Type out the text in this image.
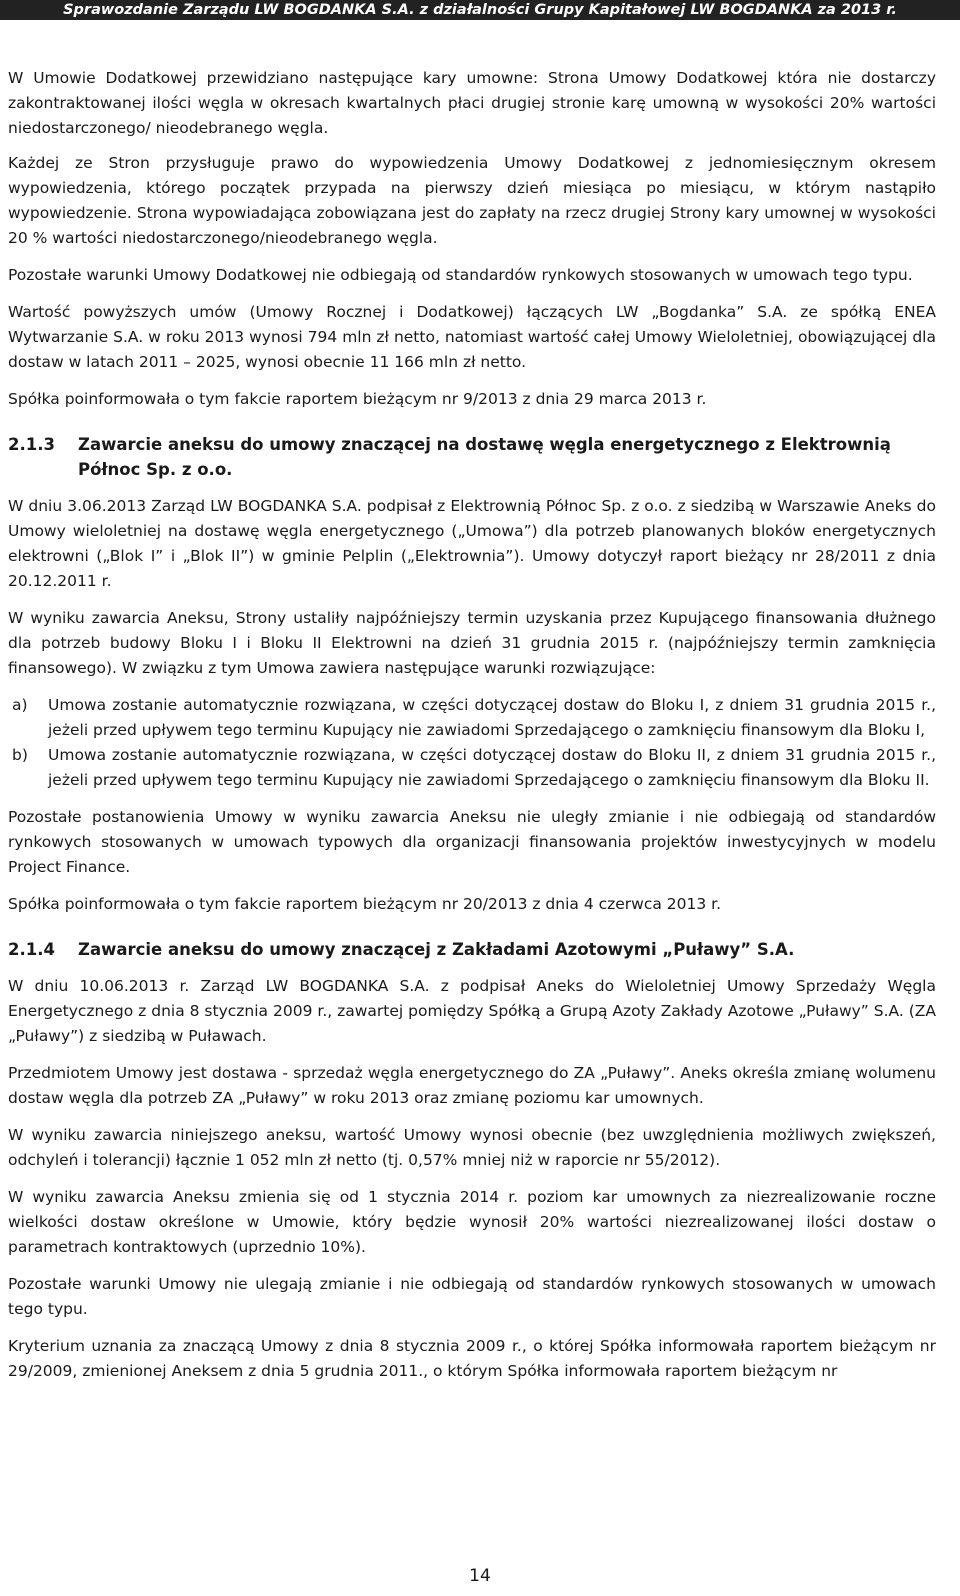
Sprawozdanie Zarządu LW BOGDANKA S.A. z działalności Grupy Kapitałowej LW BOGDANKA za 2013 r.

W Umowie Dodatkowej przewidziano następujące kary umowne: Strona Umowy Dodatkowej która nie dostarczy zakontraktowanej ilości węgla w okresach kwartalnych płaci drugiej stronie karę umowną w wysokości 20% wartości niedostarczonego/ nieodebranego węgla.

Każdej ze Stron przysługuje prawo do wypowiedzenia Umowy Dodatkowej z jednomiesięcznym okresem wypowiedzenia, którego początek przypada na pierwszy dzień miesiąca po miesiącu, w którym nastąpiło wypowiedzenie. Strona wypowiadająca zobowiązana jest do zapłaty na rzecz drugiej Strony kary umownej w wysokości 20 % wartości niedostarczonego/nieodebranego węgla.

Pozostałe warunki Umowy Dodatkowej nie odbiegają od standardów rynkowych stosowanych w umowach tego typu.

Wartość powyższych umów (Umowy Rocznej i Dodatkowej) łączących LW „Bogdanka” S.A. ze spółką ENEA Wytwarzanie S.A. w roku 2013 wynosi 794 mln zł netto, natomiast wartość całej Umowy Wieloletniej, obowiązującej dla dostaw w latach 2011 – 2025, wynosi obecnie 11 166 mln zł netto.

Spółka poinformowała o tym fakcie raportem bieżącym nr 9/2013 z dnia 29 marca 2013 r.

2.1.3	Zawarcie aneksu do umowy znaczącej na dostawę węgla energetycznego z Elektrownią Północ Sp. z o.o.

W dniu 3.06.2013 Zarząd LW BOGDANKA S.A. podpisał z Elektrownią Północ Sp. z o.o. z siedzibą w Warszawie Aneks do Umowy wieloletniej na dostawę węgla energetycznego („Umowa”) dla potrzeb planowanych bloków energetycznych elektrowni („Blok I” i „Blok II”) w gminie Pelplin („Elektrownia”). Umowy dotyczył raport bieżący nr 28/2011 z dnia 20.12.2011 r.

W wyniku zawarcia Aneksu, Strony ustaliły najpóźniejszy termin uzyskania przez Kupującego finansowania dłużnego dla potrzeb budowy Bloku I i Bloku II Elektrowni na dzień 31 grudnia 2015 r. (najpóźniejszy termin zamknięcia finansowego). W związku z tym Umowa zawiera następujące warunki rozwiązujące:

a)	Umowa zostanie automatycznie rozwiązana, w części dotyczącej dostaw do Bloku I, z dniem 31 grudnia 2015 r., jeżeli przed upływem tego terminu Kupujący nie zawiadomi Sprzedającego o zamknięciu finansowym dla Bloku I,
b)	Umowa zostanie automatycznie rozwiązana, w części dotyczącej dostaw do Bloku II, z dniem 31 grudnia 2015 r., jeżeli przed upływem tego terminu Kupujący nie zawiadomi Sprzedającego o zamknięciu finansowym dla Bloku II.

Pozostałe postanowienia Umowy w wyniku zawarcia Aneksu nie uległy zmianie i nie odbiegają od standardów rynkowych stosowanych w umowach typowych dla organizacji finansowania projektów inwestycyjnych w modelu Project Finance.

Spółka poinformowała o tym fakcie raportem bieżącym nr 20/2013 z dnia 4 czerwca 2013 r.

2.1.4	Zawarcie aneksu do umowy znaczącej z Zakładami Azotowymi „Puławy” S.A.

W dniu 10.06.2013 r. Zarząd LW BOGDANKA S.A. z podpisał Aneks do Wieloletniej Umowy Sprzedaży Węgla Energetycznego z dnia 8 stycznia 2009 r., zawartej pomiędzy Spółką a Grupą Azoty Zakłady Azotowe „Puławy” S.A. (ZA „Puławy”) z siedzibą w Puławach.

Przedmiotem Umowy jest dostawa - sprzedaż węgla energetycznego do ZA „Puławy”. Aneks określa zmianę wolumenu dostaw węgla dla potrzeb ZA „Puławy” w roku 2013 oraz zmianę poziomu kar umownych.

W wyniku zawarcia niniejszego aneksu, wartość Umowy wynosi obecnie (bez uwzględnienia możliwych zwiększeń, odchyleń i tolerancji) łącznie 1 052 mln zł netto (tj. 0,57% mniej niż w raporcie nr 55/2012).

W wyniku zawarcia Aneksu zmienia się od 1 stycznia 2014 r. poziom kar umownych za niezrealizowanie roczne wielkości dostaw określone w Umowie, który będzie wynosił 20% wartości niezrealizowanej ilości dostaw o parametrach kontraktowych (uprzednio 10%).

Pozostałe warunki Umowy nie ulegają zmianie i nie odbiegają od standardów rynkowych stosowanych w umowach tego typu.

Kryterium uznania za znaczącą Umowy z dnia 8 stycznia 2009 r., o której Spółka informowała raportem bieżącym nr 29/2009, zmienionej Aneksem z dnia 5 grudnia 2011., o którym Spółka informowała raportem bieżącym nr

14
